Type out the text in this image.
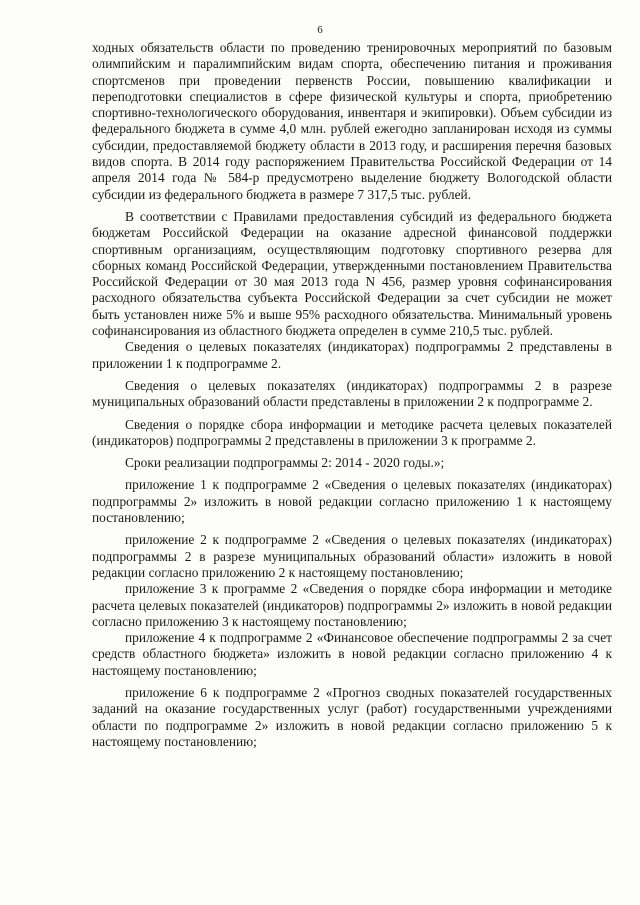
6

ходных обязательств области по проведению тренировочных мероприятий по базовым олимпийским и паралимпийским видам спорта, обеспечению питания и проживания спортсменов при проведении первенств России, повышению квалификации и переподготовки специалистов в сфере физической культуры и спорта, приобретению спортивно-технологического оборудования, инвентаря и экипировки). Объем субсидии из федерального бюджета в сумме 4,0 млн. рублей ежегодно запланирован исходя из суммы субсидии, предоставляемой бюджету области в 2013 году, и расширения перечня базовых видов спорта. В 2014 году распоряжением Правительства Российской Федерации от 14 апреля 2014 года № 584-р предусмотрено выделение бюджету Вологодской области субсидии из федерального бюджета в размере 7 317,5 тыс. рублей.

В соответствии с Правилами предоставления субсидий из федерального бюджета бюджетам Российской Федерации на оказание адресной финансовой поддержки спортивным организациям, осуществляющим подготовку спортивного резерва для сборных команд Российской Федерации, утвержденными постановлением Правительства Российской Федерации от 30 мая 2013 года N 456, размер уровня софинансирования расходного обязательства субъекта Российской Федерации за счет субсидии не может быть установлен ниже 5% и выше 95% расходного обязательства. Минимальный уровень софинансирования из областного бюджета определен в сумме 210,5 тыс. рублей.

Сведения о целевых показателях (индикаторах) подпрограммы 2 представлены в приложении 1 к подпрограмме 2.

Сведения о целевых показателях (индикаторах) подпрограммы 2 в разрезе муниципальных образований области представлены в приложении 2 к подпрограмме 2.

Сведения о порядке сбора информации и методике расчета целевых показателей (индикаторов) подпрограммы 2 представлены в приложении 3 к программе 2.

Сроки реализации подпрограммы 2: 2014 - 2020 годы.»;

приложение 1 к подпрограмме 2 «Сведения о целевых показателях (индикаторах) подпрограммы 2» изложить в новой редакции согласно приложению 1 к настоящему постановлению;

приложение 2 к подпрограмме 2 «Сведения о целевых показателях (индикаторах) подпрограммы 2 в разрезе муниципальных образований области» изложить в новой редакции согласно приложению 2 к настоящему постановлению;

приложение 3 к программе 2 «Сведения о порядке сбора информации и методике расчета целевых показателей (индикаторов) подпрограммы 2» изложить в новой редакции согласно приложению 3 к настоящему постановлению;

приложение 4 к подпрограмме 2 «Финансовое обеспечение подпрограммы 2 за счет средств областного бюджета» изложить в новой редакции согласно приложению 4 к настоящему постановлению;

приложение 6 к подпрограмме 2 «Прогноз сводных показателей государственных заданий на оказание государственных услуг (работ) государственными учреждениями области по подпрограмме 2» изложить в новой редакции согласно приложению 5 к настоящему постановлению;
